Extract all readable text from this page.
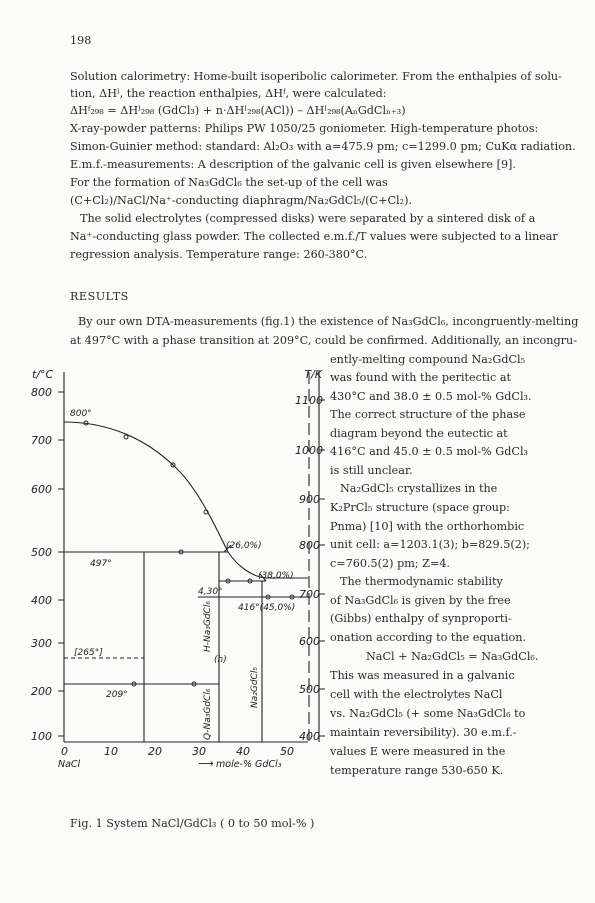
198
Solution calorimetry: Home-built isoperibolic calorimeter. From the enthalpies of solu-
tion, ΔHˡ, the reaction enthalpies, ΔHᶠ, were calculated:
ΔHᶠ₂₉₈ = ΔHˡ₂₉₈ (GdCl₃) + n·ΔHˡ₂₉₈(ACl)) – ΔHˡ₂₉₈(AₙGdClₙ₊₃)
X-ray-powder patterns: Philips PW 1050/25 goniometer. High-temperature photos:
Simon-Guinier method: standard: Al₂O₃ with a=475.9 pm; c=1299.0 pm; CuKα radiation.
E.m.f.-measurements: A description of the galvanic cell is given elsewhere [9].
For the formation of Na₃GdCl₆ the set-up of the cell was
(C+Cl₂)/NaCl/Na⁺-conducting diaphragm/Na₂GdCl₅/(C+Cl₂).
The solid electrolytes (compressed disks) were separated by a sintered disk of a
Na⁺-conducting glass powder. The collected e.m.f./T values were subjected to a linear
regression analysis. Temperature range: 260-380°C.
RESULTS
By our own DTA-measurements (fig.1) the existence of Na₃GdCl₆, incongruently-melting
at 497°C with a phase transition at 209°C, could be confirmed. Additionally, an incongru-
ently-melting compound Na₂GdCl₅
was found with the peritectic at
430°C and 38.0 ± 0.5 mol-% GdCl₃.
The correct structure of the phase
diagram beyond the eutectic at
416°C and 45.0 ± 0.5 mol-% GdCl₃
is still unclear.
Na₂GdCl₅ crystallizes in the
K₂PrCl₅ structure (space group:
Pnma) [10] with the orthorhombic
unit cell: a=1203.1(3); b=829.5(2);
c=760.5(2) pm; Z=4.
The thermodynamic stability
of Na₃GdCl₆ is given by the free
(Gibbs) enthalpy of synproporti-
onation according to the equation.
NaCl + Na₂GdCl₅ = Na₃GdCl₆.
This was measured in a galvanic
cell with the electrolytes NaCl
vs. Na₂GdCl₅ (+ some Na₃GdCl₆ to
maintain reversibility). 30 e.m.f.-
values E were measured in the
temperature range 530-650 K.
t/°C	T/K
800
700
600
500
400
300
200
100
1100
1000
900
800
700
600
500
400
0	10	20	30	40	50
NaCl	⟶ mole-% GdCl₃
800°
497°
(26,0%)
4,30°
(38,0%)
416°(45,0%)
[265°]
209°
H-Na₃GdCl₆
(h)
Q-Na₃GdCl₆
Na₂GdCl₅
Fig. 1 System NaCl/GdCl₃ ( 0 to 50 mol-% )
